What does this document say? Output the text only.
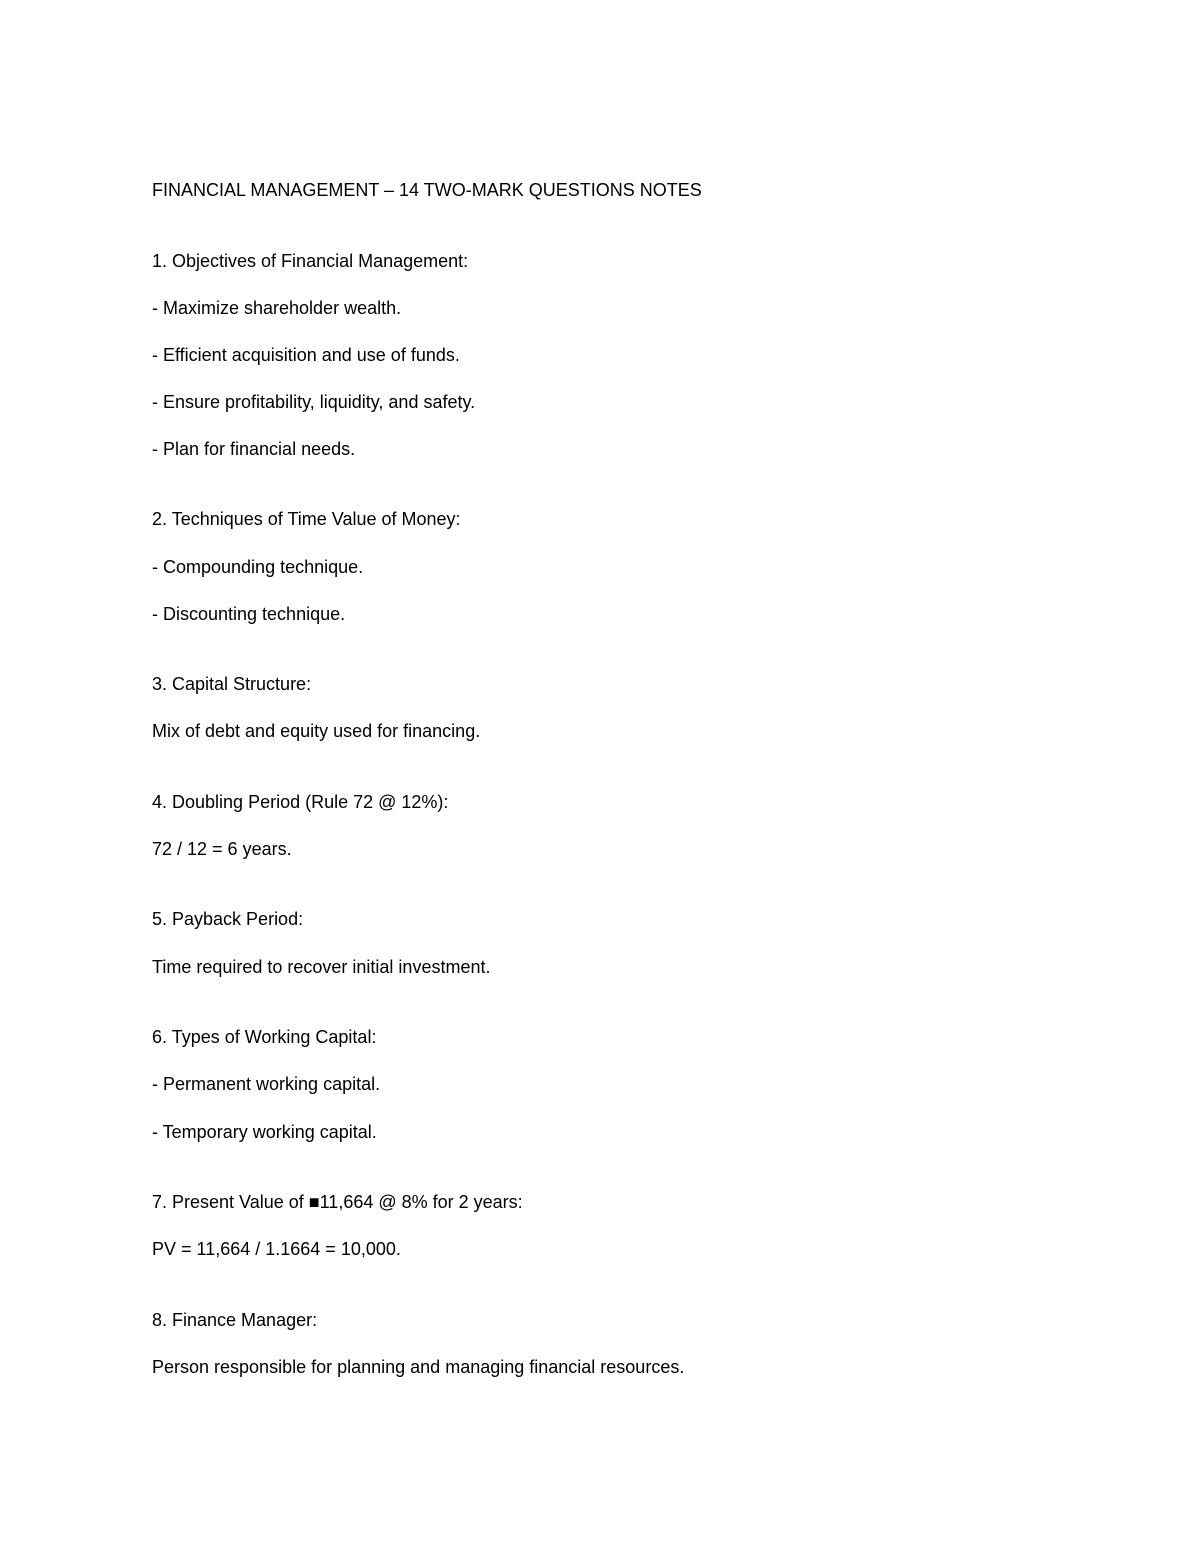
FINANCIAL MANAGEMENT – 14 TWO-MARK QUESTIONS NOTES
1. Objectives of Financial Management:
- Maximize shareholder wealth.
- Efficient acquisition and use of funds.
- Ensure profitability, liquidity, and safety.
- Plan for financial needs.
2. Techniques of Time Value of Money:
- Compounding technique.
- Discounting technique.
3. Capital Structure:
Mix of debt and equity used for financing.
4. Doubling Period (Rule 72 @ 12%):
72 / 12 = 6 years.
5. Payback Period:
Time required to recover initial investment.
6. Types of Working Capital:
- Permanent working capital.
- Temporary working capital.
7. Present Value of ■11,664 @ 8% for 2 years:
PV = 11,664 / 1.1664 = 10,000.
8. Finance Manager:
Person responsible for planning and managing financial resources.
